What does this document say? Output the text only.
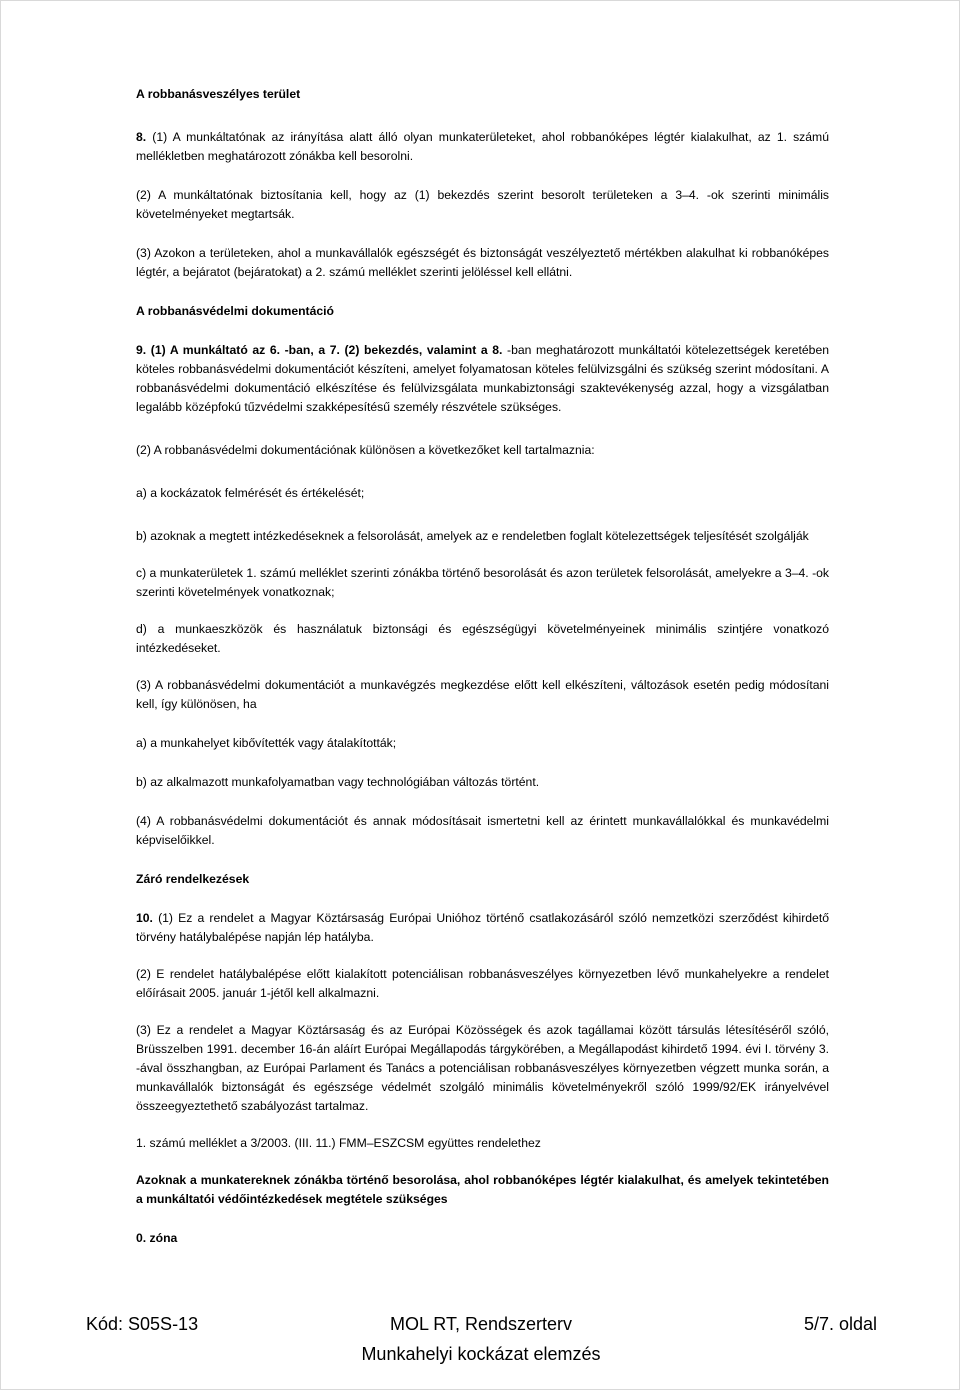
A robbanásveszélyes terület

8. (1) A munkáltatónak az irányítása alatt álló olyan munkaterületeket, ahol robbanóképes légtér kialakulhat, az 1. számú mellékletben meghatározott zónákba kell besorolni.

(2) A munkáltatónak biztosítania kell, hogy az (1) bekezdés szerint besorolt területeken a 3–4. -ok szerinti minimális követelményeket megtartsák.

(3) Azokon a területeken, ahol a munkavállalók egészségét és biztonságát veszélyeztető mértékben alakulhat ki robbanóképes légtér, a bejáratot (bejáratokat) a 2. számú melléklet szerinti jelöléssel kell ellátni.

A robbanásvédelmi dokumentáció

9. (1) A munkáltató az 6. -ban, a 7. (2) bekezdés, valamint a 8. -ban meghatározott munkáltatói kötelezettségek keretében köteles robbanásvédelmi dokumentációt készíteni, amelyet folyamatosan köteles felülvizsgálni és szükség szerint módosítani. A robbanásvédelmi dokumentáció elkészítése és felülvizsgálata munkabiztonsági szaktevékenység azzal, hogy a vizsgálatban legalább középfokú tűzvédelmi szakképesítésű személy részvétele szükséges.

(2) A robbanásvédelmi dokumentációnak különösen a következőket kell tartalmaznia:

a) a kockázatok felmérését és értékelését;

b) azoknak a megtett intézkedéseknek a felsorolását, amelyek az e rendeletben foglalt kötelezettségek teljesítését szolgálják

c) a munkaterületek 1. számú melléklet szerinti zónákba történő besorolását és azon területek felsorolását, amelyekre a 3–4. -ok szerinti követelmények vonatkoznak;

d) a munkaeszközök és használatuk biztonsági és egészségügyi követelményeinek minimális szintjére vonatkozó intézkedéseket.

(3) A robbanásvédelmi dokumentációt a munkavégzés megkezdése előtt kell elkészíteni, változások esetén pedig módosítani kell, így különösen, ha

a) a munkahelyet kibővítették vagy átalakították;

b) az alkalmazott munkafolyamatban vagy technológiában változás történt.

(4) A robbanásvédelmi dokumentációt és annak módosításait ismertetni kell az érintett munkavállalókkal és munkavédelmi képviselőikkel.

Záró rendelkezések

10. (1) Ez a rendelet a Magyar Köztársaság Európai Unióhoz történő csatlakozásáról szóló nemzetközi szerződést kihirdető törvény hatálybalépése napján lép hatályba.

(2) E rendelet hatálybalépése előtt kialakított potenciálisan robbanásveszélyes környezetben lévő munkahelyekre a rendelet előírásait 2005. január 1-jétől kell alkalmazni.

(3) Ez a rendelet a Magyar Köztársaság és az Európai Közösségek és azok tagállamai között társulás létesítéséről szóló, Brüsszelben 1991. december 16-án aláírt Európai Megállapodás tárgykörében, a Megállapodást kihirdető 1994. évi I. törvény 3. -ával összhangban, az Európai Parlament és Tanács a potenciálisan robbanásveszélyes környezetben végzett munka során, a munkavállalók biztonságát és egészsége védelmét szolgáló minimális követelményekről szóló 1999/92/EK irányelvével összeegyeztethető szabályozást tartalmaz.

1. számú melléklet a 3/2003. (III. 11.) FMM–ESZCSM együttes rendelethez

Azoknak a munkatereknek zónákba történő besorolása, ahol robbanóképes légtér kialakulhat, és amelyek tekintetében a munkáltatói védőintézkedések megtétele szükséges

0. zóna

Kód: S05S-13	MOL RT, Rendszerterv	5/7. oldal
Munkahelyi kockázat elemzés
